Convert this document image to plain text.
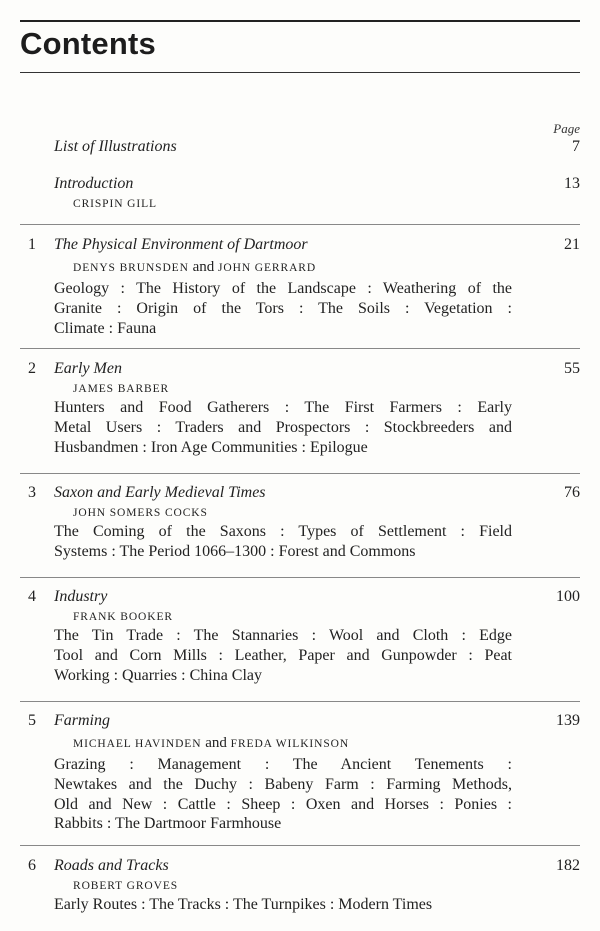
Contents
Page
List of Illustrations	7
Introduction	13
CRISPIN GILL
1 The Physical Environment of Dartmoor	21
DENYS BRUNSDEN and JOHN GERRARD
Geology : The History of the Landscape : Weathering of the
Granite : Origin of the Tors : The Soils : Vegetation :
Climate : Fauna
2 Early Men	55
JAMES BARBER
Hunters and Food Gatherers : The First Farmers : Early
Metal Users : Traders and Prospectors : Stockbreeders and
Husbandmen : Iron Age Communities : Epilogue
3 Saxon and Early Medieval Times	76
JOHN SOMERS COCKS
The Coming of the Saxons : Types of Settlement : Field
Systems : The Period 1066–1300 : Forest and Commons
4 Industry	100
FRANK BOOKER
The Tin Trade : The Stannaries : Wool and Cloth : Edge
Tool and Corn Mills : Leather, Paper and Gunpowder : Peat
Working : Quarries : China Clay
5 Farming	139
MICHAEL HAVINDEN and FREDA WILKINSON
Grazing : Management : The Ancient Tenements :
Newtakes and the Duchy : Babeny Farm : Farming Methods,
Old and New : Cattle : Sheep : Oxen and Horses : Ponies :
Rabbits : The Dartmoor Farmhouse
6 Roads and Tracks	182
ROBERT GROVES
Early Routes : The Tracks : The Turnpikes : Modern Times
